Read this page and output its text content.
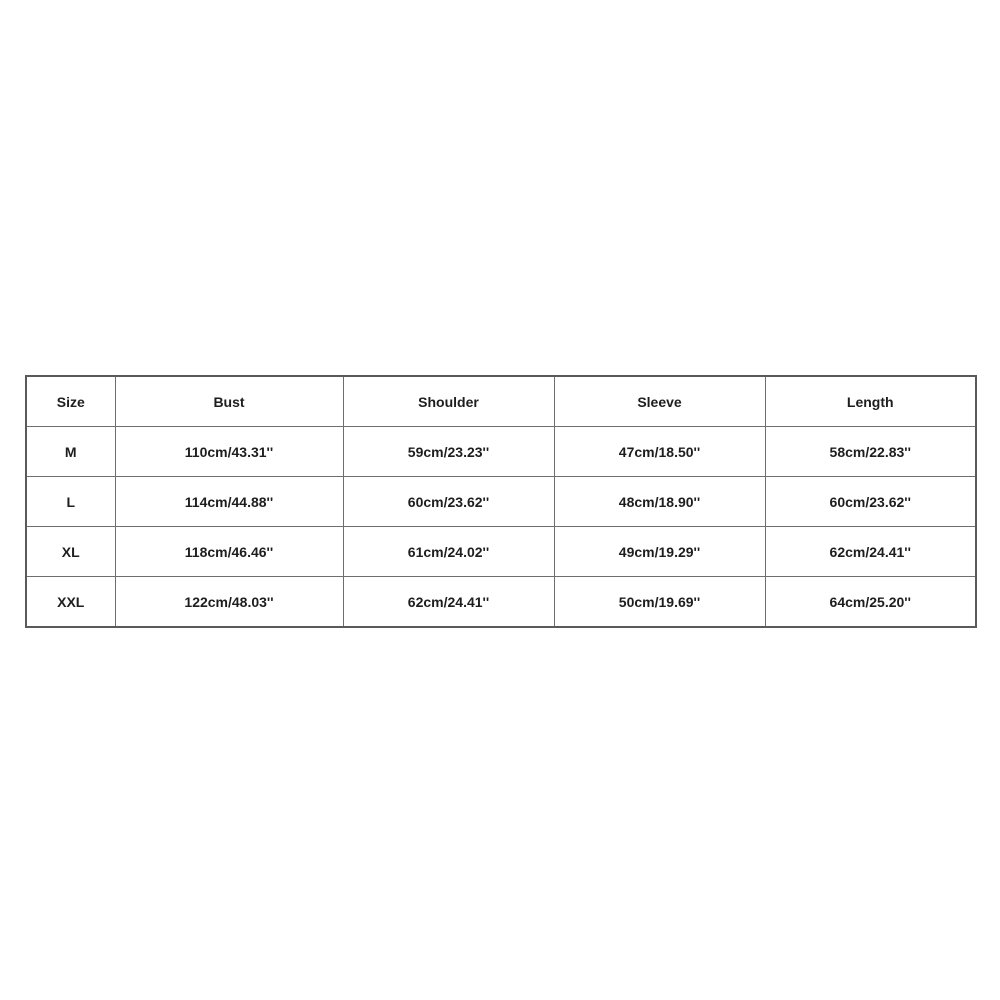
Size	Bust	Shoulder	Sleeve	Length
M	110cm/43.31''	59cm/23.23''	47cm/18.50''	58cm/22.83''
L	114cm/44.88''	60cm/23.62''	48cm/18.90''	60cm/23.62''
XL	118cm/46.46''	61cm/24.02''	49cm/19.29''	62cm/24.41''
XXL	122cm/48.03''	62cm/24.41''	50cm/19.69''	64cm/25.20''
